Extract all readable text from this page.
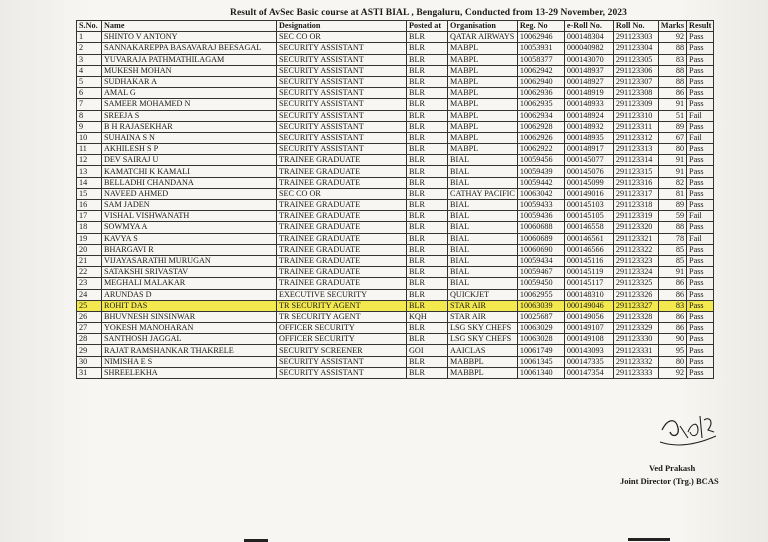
Result of AvSec Basic course at ASTI BIAL , Bengaluru, Conducted from 13-29 November, 2023
S.No.	Name	Designation	Posted at	Organisation	Reg. No	e-Roll No.	Roll No.	Marks	Result
1	SHINTO V ANTONY	SEC CO OR	BLR	QATAR AIRWAYS	10062946	000148304	291123303	92	Pass
2	SANNAKAREPPA BASAVARAJ BEESAGAL	SECURITY ASSISTANT	BLR	MABPL	10053931	000040982	291123304	88	Pass
3	YUVARAJA PATHMATHILAGAM	SECURITY ASSISTANT	BLR	MABPL	10058377	000143070	291123305	83	Pass
4	MUKESH MOHAN	SECURITY ASSISTANT	BLR	MABPL	10062942	000148937	291123306	88	Pass
5	SUDHAKAR A	SECURITY ASSISTANT	BLR	MABPL	10062940	000148927	291123307	88	Pass
6	AMAL G	SECURITY ASSISTANT	BLR	MABPL	10062936	000148919	291123308	86	Pass
7	SAMEER MOHAMED N	SECURITY ASSISTANT	BLR	MABPL	10062935	000148933	291123309	91	Pass
8	SREEJA S	SECURITY ASSISTANT	BLR	MABPL	10062934	000148924	291123310	51	Fail
9	B H RAJASEKHAR	SECURITY ASSISTANT	BLR	MABPL	10062928	000148932	291123311	89	Pass
10	SUHAINA S N	SECURITY ASSISTANT	BLR	MABPL	10062926	000148935	291123312	67	Fail
11	AKHILESH S P	SECURITY ASSISTANT	BLR	MABPL	10062922	000148917	291123313	80	Pass
12	DEV SAIRAJ U	TRAINEE GRADUATE	BLR	BIAL	10059456	000145077	291123314	91	Pass
13	KAMATCHI K KAMALI	TRAINEE GRADUATE	BLR	BIAL	10059439	000145076	291123315	91	Pass
14	BELLADHI CHANDANA	TRAINEE GRADUATE	BLR	BIAL	10059442	000145099	291123316	82	Pass
15	NAVEED AHMED	SEC CO OR	BLR	CATHAY PACIFIC	10063042	000149016	291123317	81	Pass
16	SAM JADEN	TRAINEE GRADUATE	BLR	BIAL	10059433	000145103	291123318	89	Pass
17	VISHAL VISHWANATH	TRAINEE GRADUATE	BLR	BIAL	10059436	000145105	291123319	59	Fail
18	SOWMYA A	TRAINEE GRADUATE	BLR	BIAL	10060688	000146558	291123320	88	Pass
19	KAVYA S	TRAINEE GRADUATE	BLR	BIAL	10060689	000146561	291123321	78	Fail
20	BHARGAVI R	TRAINEE GRADUATE	BLR	BIAL	10060690	000146566	291123322	85	Pass
21	VIJAYASARATHI MURUGAN	TRAINEE GRADUATE	BLR	BIAL	10059434	000145116	291123323	85	Pass
22	SATAKSHI SRIVASTAV	TRAINEE GRADUATE	BLR	BIAL	10059467	000145119	291123324	91	Pass
23	MEGHALI MALAKAR	TRAINEE GRADUATE	BLR	BIAL	10059450	000145117	291123325	86	Pass
24	ARUNDAS D	EXECUTIVE SECURITY	BLR	QUICKJET	10062955	000148310	291123326	86	Pass
25	ROHIT DAS	TR SECURITY AGENT	BLR	STAR AIR	10063039	000149046	291123327	83	Pass
26	BHUVNESH SINSINWAR	TR SECURITY AGENT	KQH	STAR AIR	10025687	000149056	291123328	86	Pass
27	YOKESH MANOHARAN	OFFICER SECURITY	BLR	LSG SKY CHEFS	10063029	000149107	291123329	86	Pass
28	SANTHOSH JAGGAL	OFFICER SECURITY	BLR	LSG SKY CHEFS	10063028	000149108	291123330	90	Pass
29	RAJAT RAMSHANKAR THAKRELE	SECURITY SCREENER	GOI	AAICLAS	10061749	000143093	291123331	95	Pass
30	NIMISHA E S	SECURITY ASSISTANT	BLR	MABBPL	10061345	000147335	291123332	80	Pass
31	SHREELEKHA	SECURITY ASSISTANT	BLR	MABBPL	10061340	000147354	291123333	92	Pass
Ved Prakash
Joint Director (Trg.) BCAS
